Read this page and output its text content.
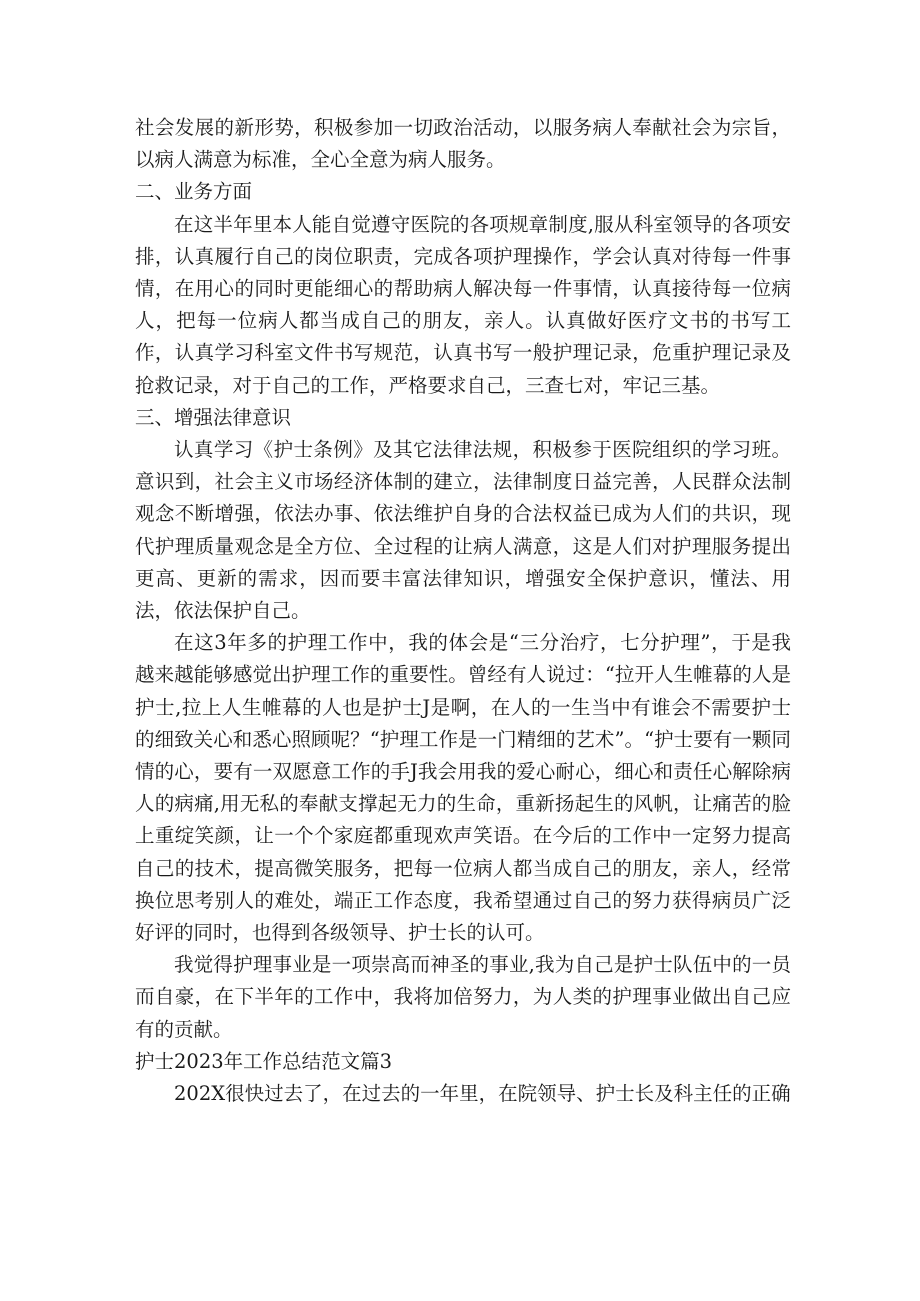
社会发展的新形势，积极参加一切政治活动，以服务病人奉献社会为宗旨，以病人满意为标准，全心全意为病人服务。

二、业务方面

在这半年里本人能自觉遵守医院的各项规章制度,服从科室领导的各项安排，认真履行自己的岗位职责，完成各项护理操作，学会认真对待每一件事情，在用心的同时更能细心的帮助病人解决每一件事情，认真接待每一位病人，把每一位病人都当成自己的朋友，亲人。认真做好医疗文书的书写工作，认真学习科室文件书写规范，认真书写一般护理记录，危重护理记录及抢救记录，对于自己的工作，严格要求自己，三查七对，牢记三基。

三、增强法律意识

认真学习《护士条例》及其它法律法规，积极参于医院组织的学习班。意识到，社会主义市场经济体制的建立，法律制度日益完善，人民群众法制观念不断增强，依法办事、依法维护自身的合法权益已成为人们的共识，现代护理质量观念是全方位、全过程的让病人满意，这是人们对护理服务提出更高、更新的需求，因而要丰富法律知识，增强安全保护意识，懂法、用法，依法保护自己。

在这3年多的护理工作中，我的体会是“三分治疗，七分护理”，于是我越来越能够感觉出护理工作的重要性。曾经有人说过：“拉开人生帷幕的人是护士,拉上人生帷幕的人也是护士J是啊，在人的一生当中有谁会不需要护士的细致关心和悉心照顾呢？“护理工作是一门精细的艺术”。“护士要有一颗同情的心，要有一双愿意工作的手J我会用我的爱心耐心，细心和责任心解除病人的病痛,用无私的奉献支撑起无力的生命，重新扬起生的风帆，让痛苦的脸上重绽笑颜，让一个个家庭都重现欢声笑语。在今后的工作中一定努力提高自己的技术，提高微笑服务，把每一位病人都当成自己的朋友，亲人，经常换位思考别人的难处，端正工作态度，我希望通过自己的努力获得病员广泛好评的同时，也得到各级领导、护士长的认可。

我觉得护理事业是一项崇高而神圣的事业,我为自己是护士队伍中的一员而自豪，在下半年的工作中，我将加倍努力，为人类的护理事业做出自己应有的贡献。

护士2023年工作总结范文篇3

202X很快过去了，在过去的一年里，在院领导、护士长及科主任的正确
